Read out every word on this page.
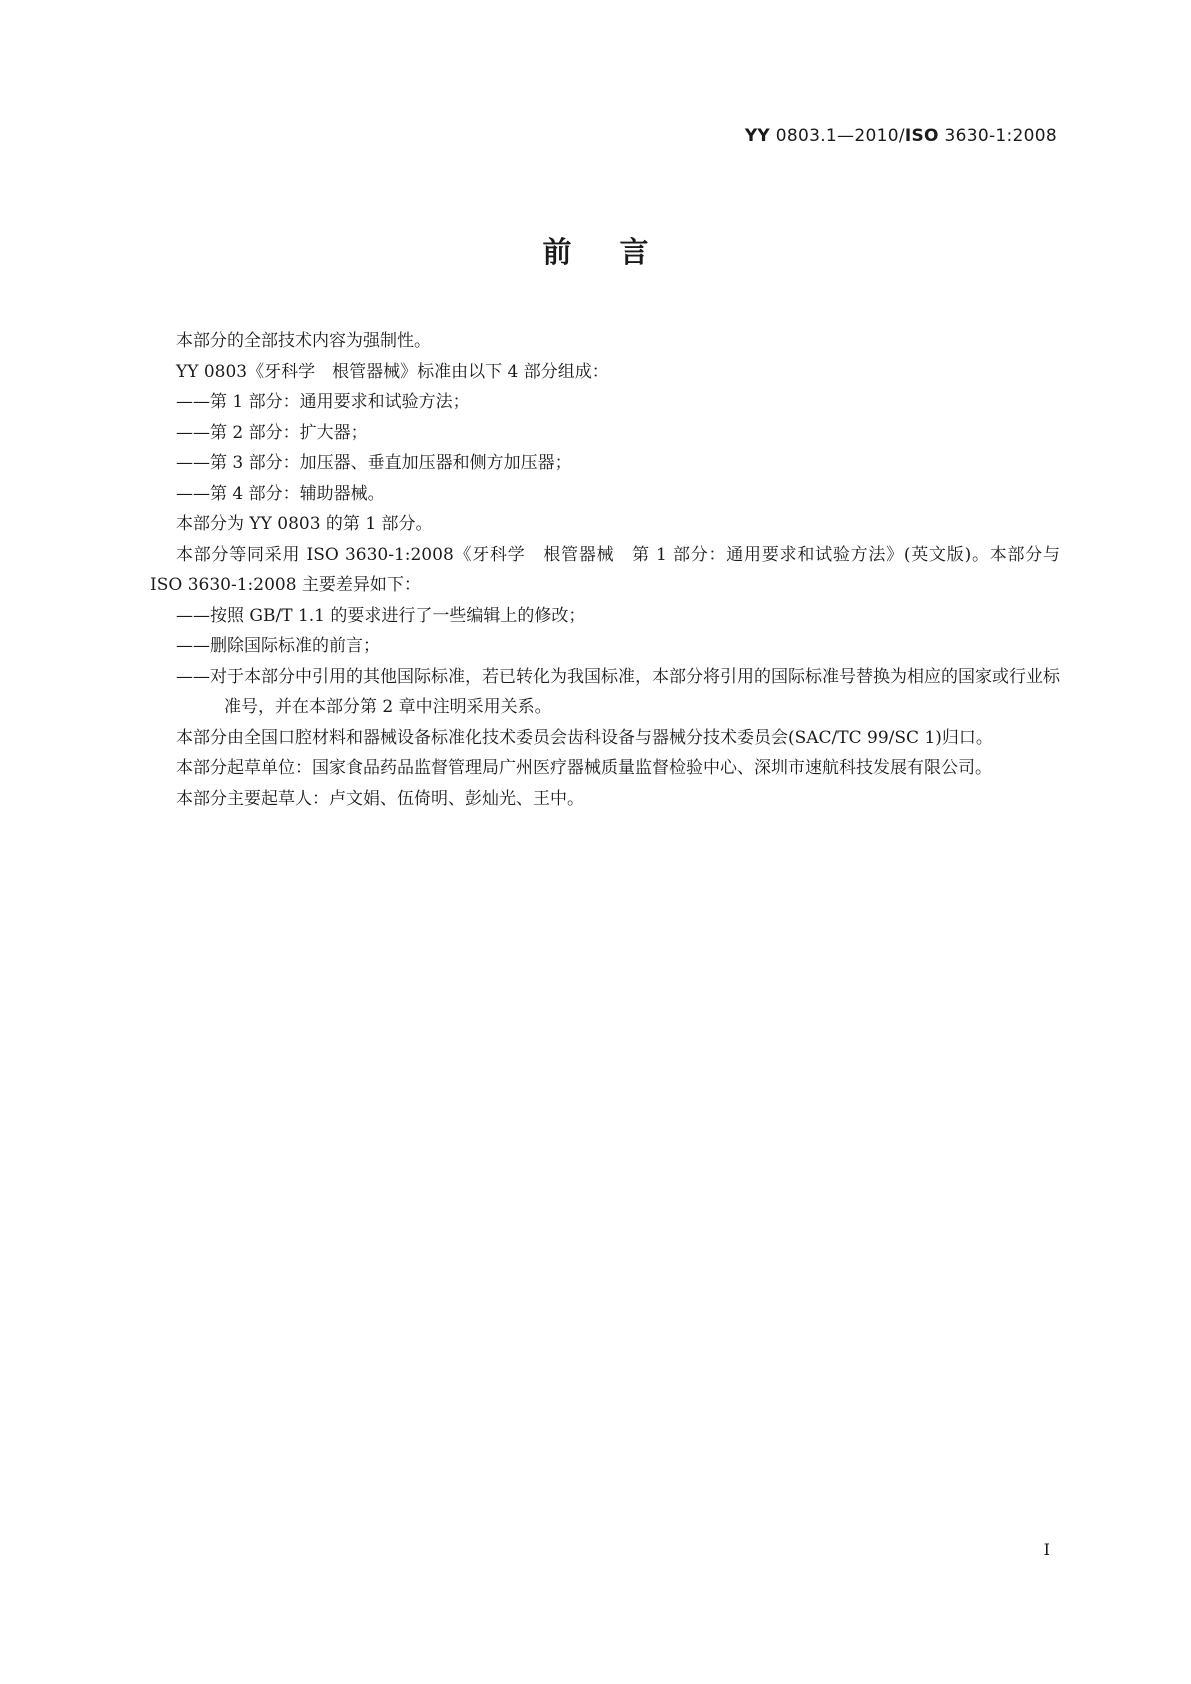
YY 0803.1—2010/ISO 3630-1:2008
前言

本部分的全部技术内容为强制性。

YY 0803《牙科学　根管器械》标准由以下 4 部分组成：

——第 1 部分：通用要求和试验方法；

——第 2 部分：扩大器；

——第 3 部分：加压器、垂直加压器和侧方加压器；

——第 4 部分：辅助器械。

本部分为 YY 0803 的第 1 部分。

本部分等同采用 ISO 3630-1:2008《牙科学　根管器械　第 1 部分：通用要求和试验方法》(英文版)。本部分与 ISO 3630-1:2008 主要差异如下：

——按照 GB/T 1.1 的要求进行了一些编辑上的修改；

——删除国际标准的前言；

——对于本部分中引用的其他国际标准，若已转化为我国标准，本部分将引用的国际标准号替换为相应的国家或行业标准号，并在本部分第 2 章中注明采用关系。

本部分由全国口腔材料和器械设备标准化技术委员会齿科设备与器械分技术委员会(SAC/TC 99/SC 1)归口。

本部分起草单位：国家食品药品监督管理局广州医疗器械质量监督检验中心、深圳市速航科技发展有限公司。

本部分主要起草人：卢文娟、伍倚明、彭灿光、王中。

I
